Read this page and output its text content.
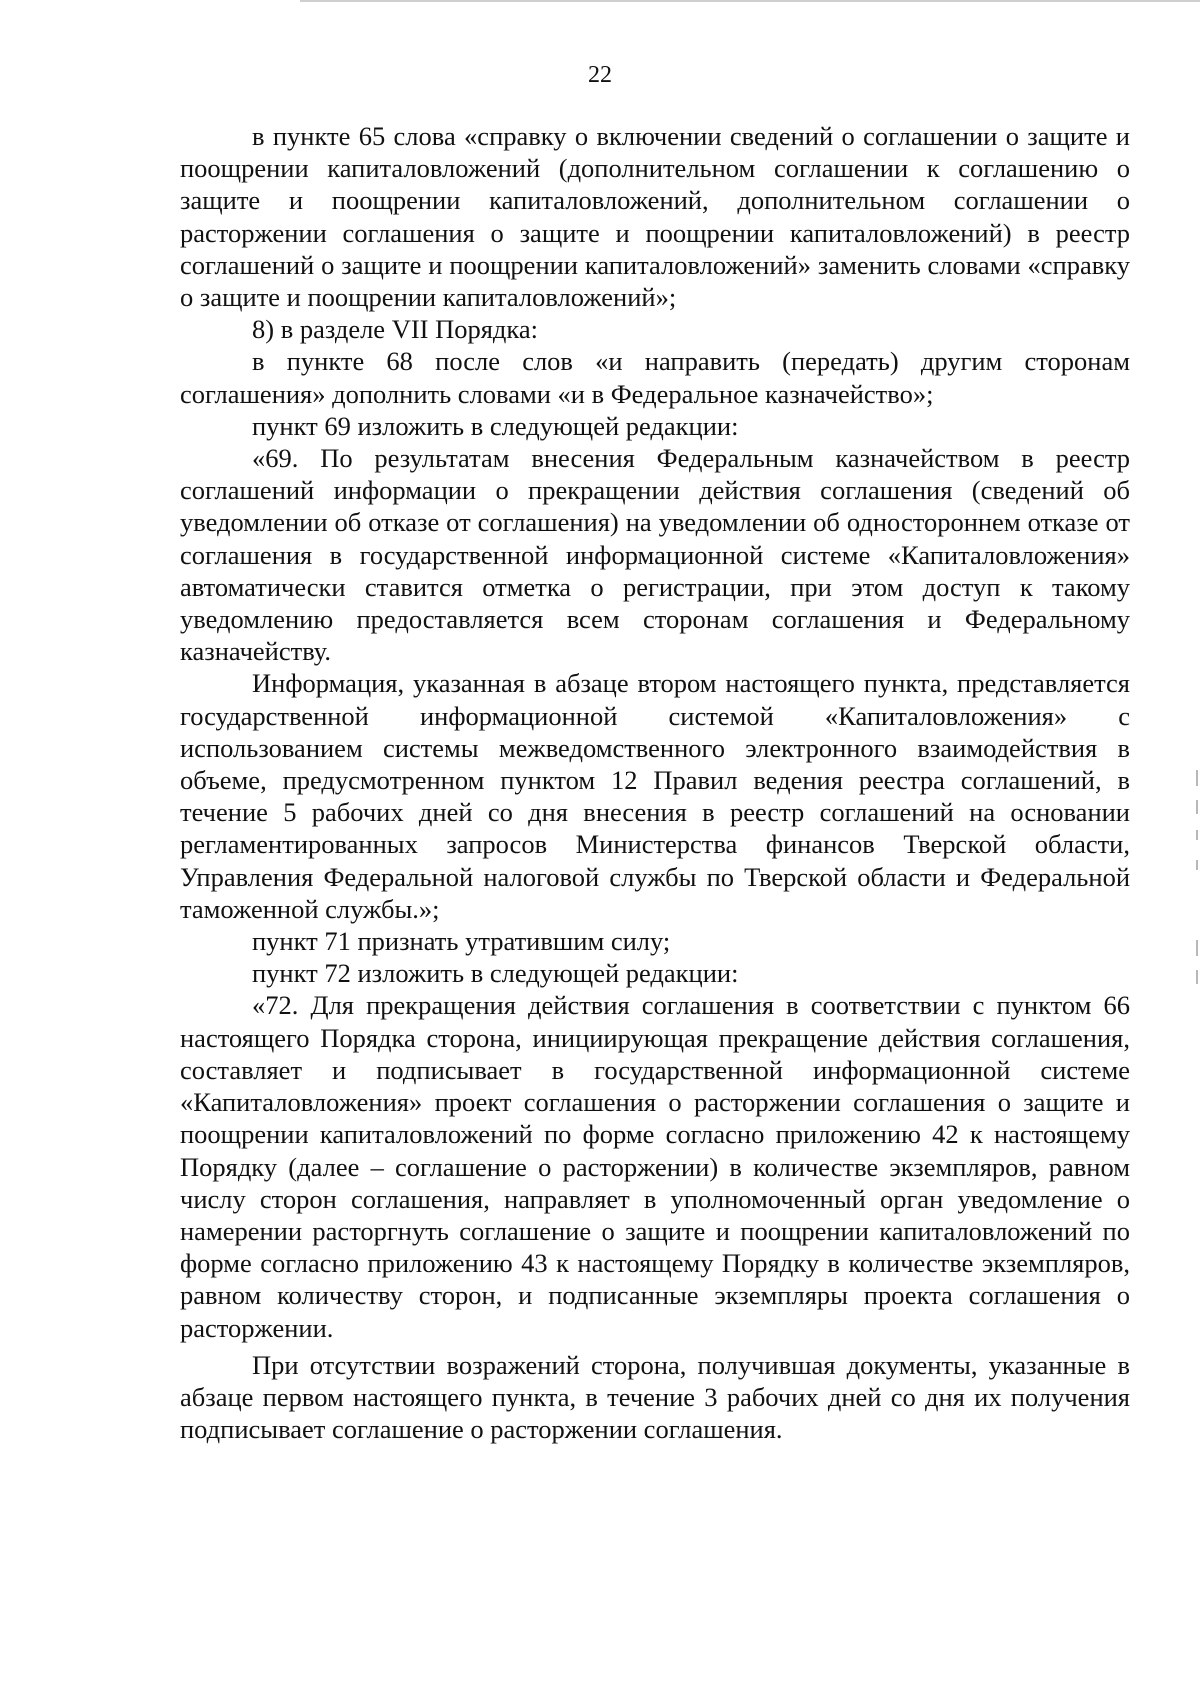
22

в пункте 65 слова «справку о включении сведений о соглашении о защите и поощрении капиталовложений (дополнительном соглашении к соглашению о защите и поощрении капиталовложений, дополнительном соглашении о расторжении соглашения о защите и поощрении капиталовложений) в реестр соглашений о защите и поощрении капиталовложений» заменить словами «справку о защите и поощрении капиталовложений»;

8) в разделе VII Порядка:

в пункте 68 после слов «и направить (передать) другим сторонам соглашения» дополнить словами «и в Федеральное казначейство»;

пункт 69 изложить в следующей редакции:

«69. По результатам внесения Федеральным казначейством в реестр соглашений информации о прекращении действия соглашения (сведений об уведомлении об отказе от соглашения) на уведомлении об одностороннем отказе от соглашения в государственной информационной системе «Капиталовложения» автоматически ставится отметка о регистрации, при этом доступ к такому уведомлению предоставляется всем сторонам соглашения и Федеральному казначейству.

Информация, указанная в абзаце втором настоящего пункта, представляется государственной информационной системой «Капиталовложения» с использованием системы межведомственного электронного взаимодействия в объеме, предусмотренном пунктом 12 Правил ведения реестра соглашений, в течение 5 рабочих дней со дня внесения в реестр соглашений на основании регламентированных запросов Министерства финансов Тверской области, Управления Федеральной налоговой службы по Тверской области и Федеральной таможенной службы.»;

пункт 71 признать утратившим силу;

пункт 72 изложить в следующей редакции:

«72. Для прекращения действия соглашения в соответствии с пунктом 66 настоящего Порядка сторона, инициирующая прекращение действия соглашения, составляет и подписывает в государственной информационной системе «Капиталовложения» проект соглашения о расторжении соглашения о защите и поощрении капиталовложений по форме согласно приложению 42 к настоящему Порядку (далее – соглашение о расторжении) в количестве экземпляров, равном числу сторон соглашения, направляет в уполномоченный орган уведомление о намерении расторгнуть соглашение о защите и поощрении капиталовложений по форме согласно приложению 43 к настоящему Порядку в количестве экземпляров, равном количеству сторон, и подписанные экземпляры проекта соглашения о расторжении.

При отсутствии возражений сторона, получившая документы, указанные в абзаце первом настоящего пункта, в течение 3 рабочих дней со дня их получения подписывает соглашение о расторжении соглашения.
